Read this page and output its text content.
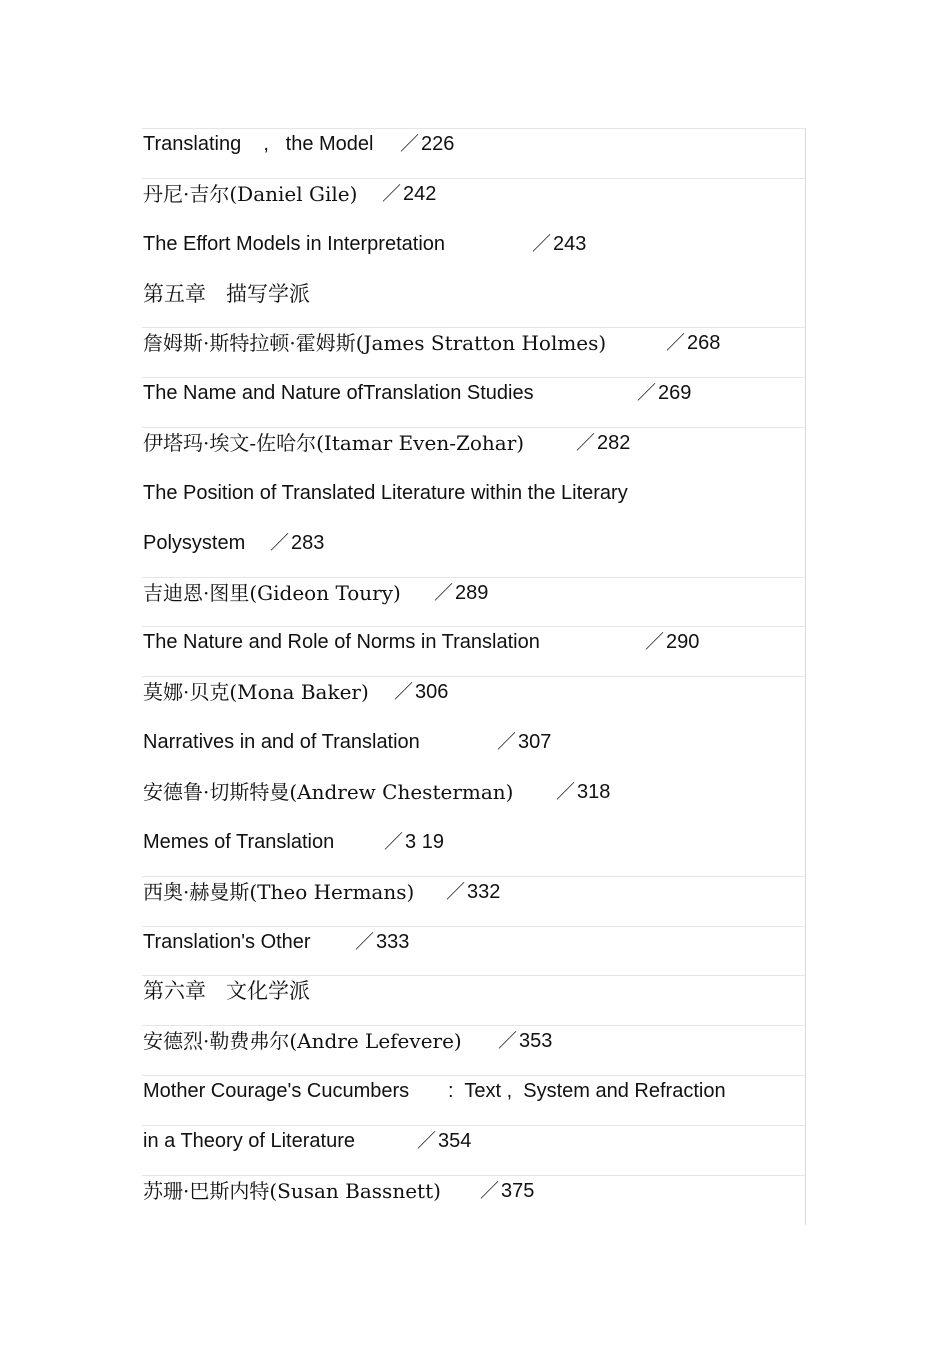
Translating    ,   the Model	／ 226
丹尼·吉尔(Daniel Gile)	／ 242
The Effort Models in Interpretation	／ 243
第五章   描写学派
詹姆斯·斯特拉顿·霍姆斯(James Stratton Holmes)	／ 268
The Name and Nature ofTranslation Studies	／ 269
伊塔玛·埃文-佐哈尔(Itamar Even-Zohar)	／ 282
The Position of Translated Literature within the Literary
Polysystem	／ 283
吉迪恩·图里(Gideon Toury)	／ 289
The Nature and Role of Norms in Translation	／ 290
莫娜·贝克(Mona Baker)	／ 306
Narratives in and of Translation	／ 307
安德鲁·切斯特曼(Andrew Chesterman)	／ 318
Memes of Translation	／ 3 19
西奥·赫曼斯(Theo Hermans)	／ 332
Translation's Other	／ 333
第六章   文化学派
安德烈·勒费弗尔(Andre Lefevere)	／ 353
Mother Courage's Cucumbers       :  Text ,  System and Refraction
in a Theory of Literature	／ 354
苏珊·巴斯内特(Susan Bassnett)	／ 375
